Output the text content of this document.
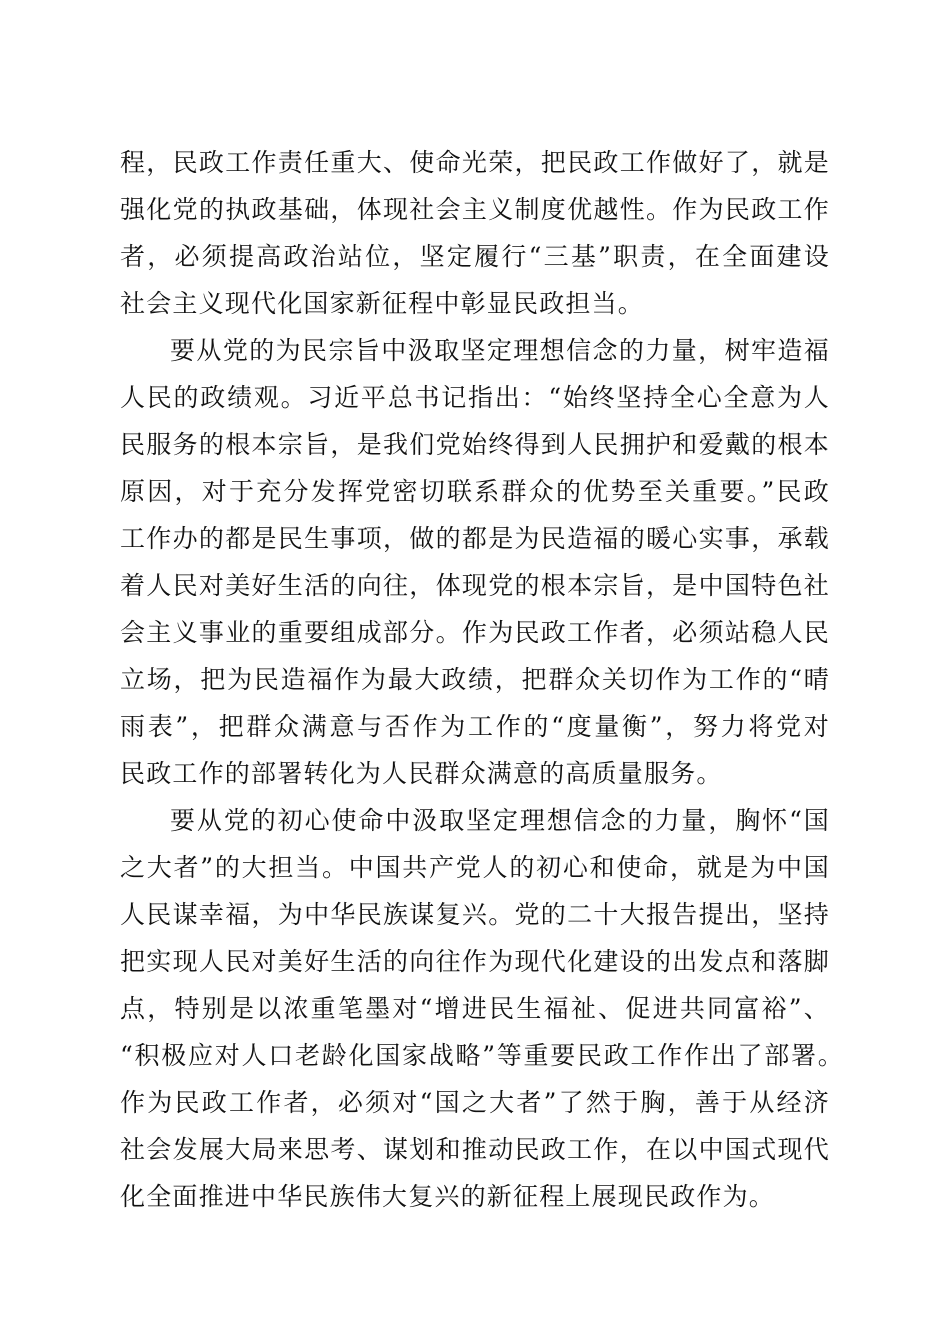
程，民政工作责任重大、使命光荣，把民政工作做好了，就是
强化党的执政基础，体现社会主义制度优越性。作为民政工作
者，必须提高政治站位，坚定履行“三基”职责，在全面建设
社会主义现代化国家新征程中彰显民政担当。
要从党的为民宗旨中汲取坚定理想信念的力量，树牢造福
人民的政绩观。习近平总书记指出：“始终坚持全心全意为人
民服务的根本宗旨，是我们党始终得到人民拥护和爱戴的根本
原因，对于充分发挥党密切联系群众的优势至关重要。”民政
工作办的都是民生事项，做的都是为民造福的暖心实事，承载
着人民对美好生活的向往，体现党的根本宗旨，是中国特色社
会主义事业的重要组成部分。作为民政工作者，必须站稳人民
立场，把为民造福作为最大政绩，把群众关切作为工作的“晴
雨表”，把群众满意与否作为工作的“度量衡”，努力将党对
民政工作的部署转化为人民群众满意的高质量服务。
要从党的初心使命中汲取坚定理想信念的力量，胸怀“国
之大者”的大担当。中国共产党人的初心和使命，就是为中国
人民谋幸福，为中华民族谋复兴。党的二十大报告提出，坚持
把实现人民对美好生活的向往作为现代化建设的出发点和落脚
点，特别是以浓重笔墨对“增进民生福祉、促进共同富裕”、
“积极应对人口老龄化国家战略”等重要民政工作作出了部署。
作为民政工作者，必须对“国之大者”了然于胸，善于从经济
社会发展大局来思考、谋划和推动民政工作，在以中国式现代
化全面推进中华民族伟大复兴的新征程上展现民政作为。
